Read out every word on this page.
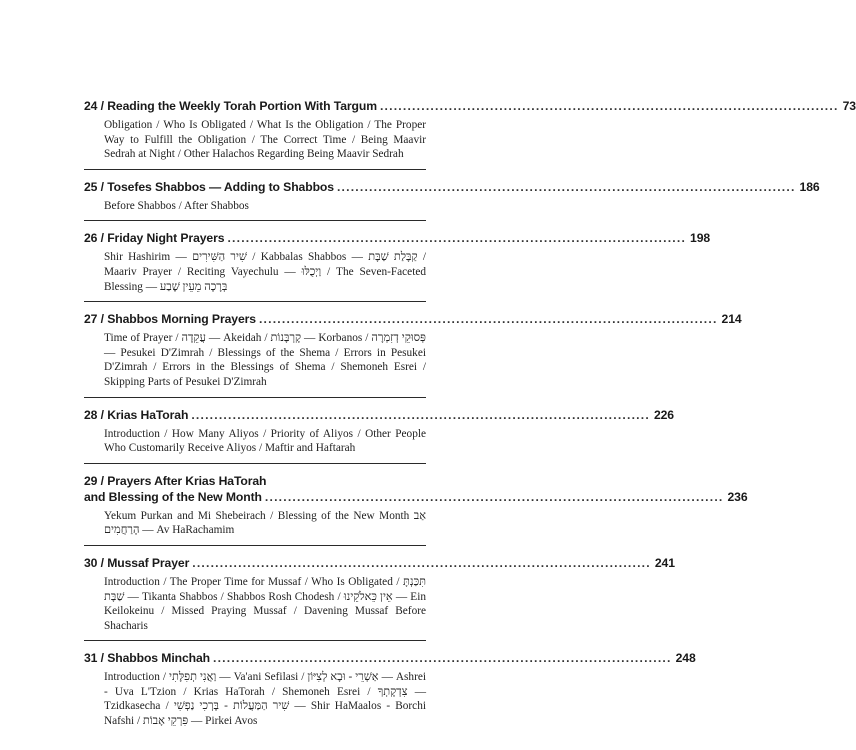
24 / Reading the Weekly Torah Portion With Targum .................................................................................................... 73
Obligation / Who Is Obligated / What Is the Obligation / The Proper Way to Fulfill the Obligation / The Correct Time / Being Maavir Sedrah at Night / Other Halachos Regarding Being Maavir Sedrah
25 / Tosefes Shabbos — Adding to Shabbos .................................................................................................... 186
Before Shabbos / After Shabbos
26 / Friday Night Prayers .................................................................................................... 198
Shir Hashirim — שִׁיר הַשִּׁירִים / Kabbalas Shabbos — קַבָּלַת שַׁבָּת / Maariv Prayer / Reciting Vayechulu — וַיְכֻלּוּ / The Seven-Faceted Blessing — בְּרָכָה מֵעֵין שֶׁבַע
27 / Shabbos Morning Prayers .................................................................................................... 214
Time of Prayer / עֲקֵדָה — Akeidah / קָרְבָּנוֹת — Korbanos / פְּסוּקֵי דְזִמְרָה — Pesukei D'Zimrah / Blessings of the Shema / Errors in Pesukei D'Zimrah / Errors in the Blessings of Shema / Shemoneh Esrei / Skipping Parts of Pesukei D'Zimrah
28 / Krias HaTorah .................................................................................................... 226
Introduction / How Many Aliyos / Priority of Aliyos / Other People Who Customarily Receive Aliyos / Maftir and Haftarah
29 / Prayers After Krias HaTorah
and Blessing of the New Month .................................................................................................... 236
Yekum Purkan and Mi Shebeirach / Blessing of the New Month אַב הָרַחֲמִים — Av HaRachamim
30 / Mussaf Prayer .................................................................................................... 241
Introduction / The Proper Time for Mussaf / Who Is Obligated / תִּכַּנְתָּ שַׁבָּת — Tikanta Shabbos / Shabbos Rosh Chodesh / אֵין כֵּאלֹקֵינוּ — Ein Keilokeinu / Missed Praying Mussaf / Davening Mussaf Before Shacharis
31 / Shabbos Minchah .................................................................................................... 248
Introduction / וַאֲנִי תְפִלָּתִי — Va'ani Sefilasi / אַשְׁרֵי - וּבָא לְצִיּוֹן — Ashrei - Uva L'Tzion / Krias HaTorah / Shemoneh Esrei / צִדְקָתְךָ — Tzidkasecha / שִׁיר הַמַּעֲלוֹת - בָּרְכִי נַפְשִׁי — Shir HaMaalos - Borchi Nafshi / פִּרְקֵי אָבוֹת — Pirkei Avos
